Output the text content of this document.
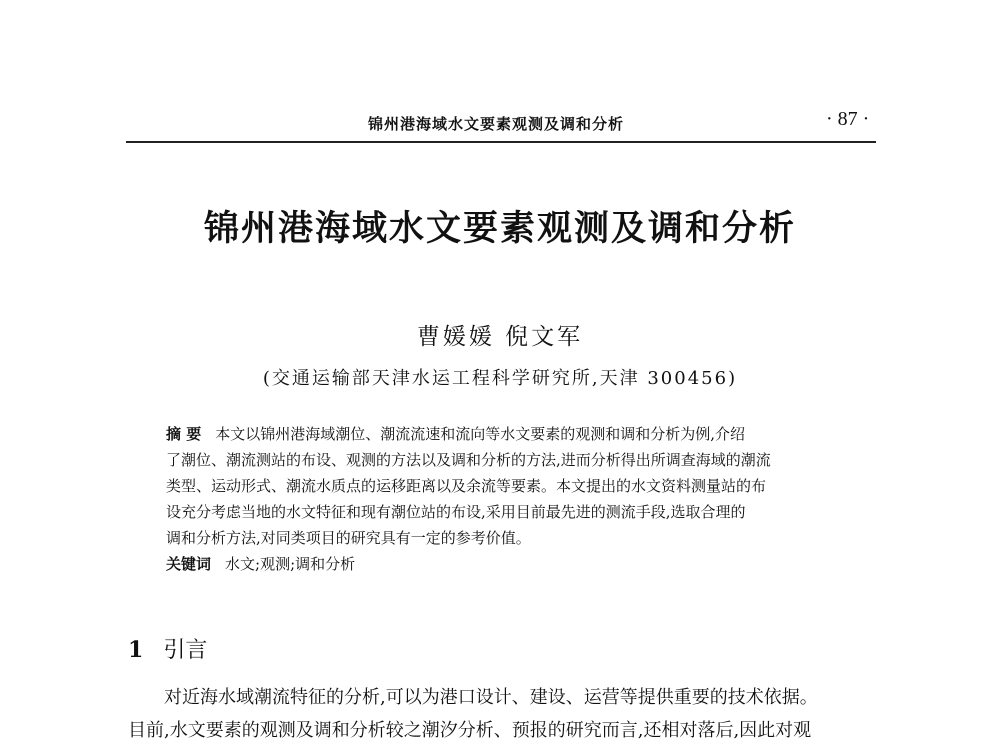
锦州港海域水文要素观测及调和分析	· 87 ·
锦州港海域水文要素观测及调和分析
曹媛媛 倪文军
(交通运输部天津水运工程科学研究所,天津 300456)

摘 要 本文以锦州港海域潮位、潮流流速和流向等水文要素的观测和调和分析为例,介绍

了潮位、潮流测站的布设、观测的方法以及调和分析的方法,进而分析得出所调查海域的潮流

类型、运动形式、潮流水质点的运移距离以及余流等要素。本文提出的水文资料测量站的布

设充分考虑当地的水文特征和现有潮位站的布设,采用目前最先进的测流手段,选取合理的

调和分析方法,对同类项目的研究具有一定的参考价值。

关键词 水文;观测;调和分析

1 引言

对近海水域潮流特征的分析,可以为港口设计、建设、运营等提供重要的技术依据。

目前,水文要素的观测及调和分析较之潮汐分析、预报的研究而言,还相对落后,因此对观
